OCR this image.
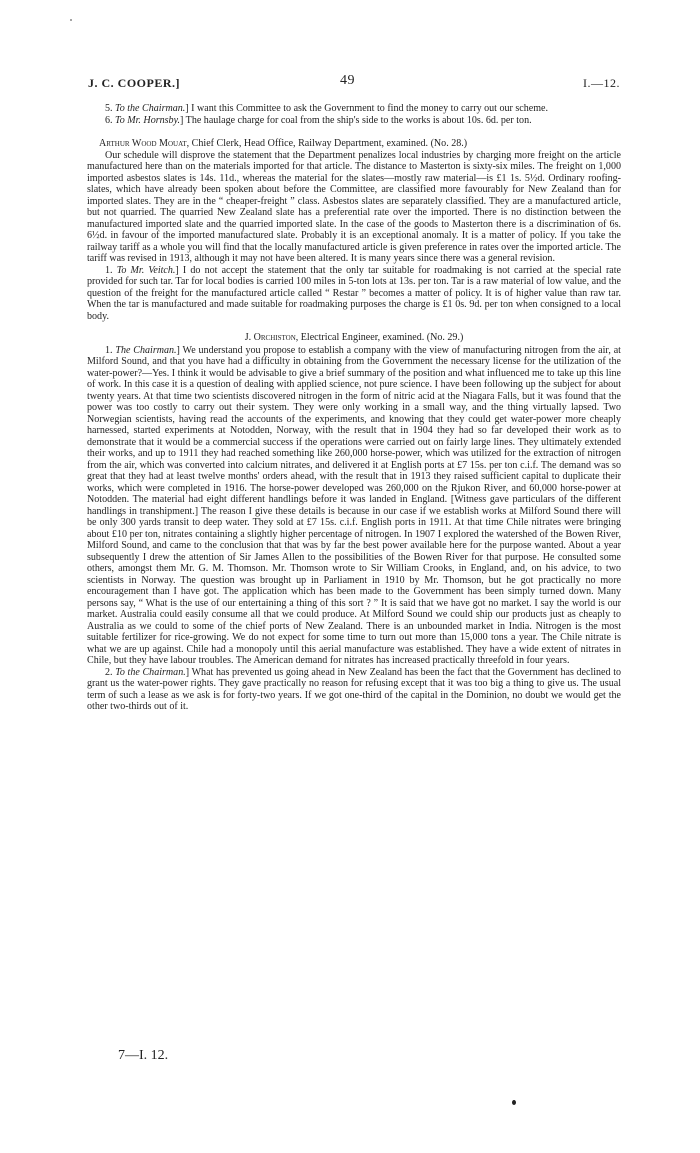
J. C. COOPER.]	49	I.—12.

5. To the Chairman.] I want this Committee to ask the Government to find the money to carry out our scheme.

6. To Mr. Hornsby.] The haulage charge for coal from the ship's side to the works is about 10s. 6d. per ton.

Arthur Wood Mouat, Chief Clerk, Head Office, Railway Department, examined. (No. 28.)

Our schedule will disprove the statement that the Department penalizes local industries by charging more freight on the article manufactured here than on the materials imported for that article. The distance to Masterton is sixty-six miles. The freight on 1,000 imported asbestos slates is 14s. 11d., whereas the material for the slates—mostly raw material—is £1 1s. 5½d. Ordinary roofing-slates, which have already been spoken about before the Committee, are classified more favourably for New Zealand than for imported slates. They are in the “ cheaper-freight ” class. Asbestos slates are separately classified. They are a manufactured article, but not quarried. The quarried New Zealand slate has a preferential rate over the imported. There is no distinction between the manufactured imported slate and the quarried imported slate. In the case of the goods to Masterton there is a discrimination of 6s. 6½d. in favour of the imported manufactured slate. Probably it is an exceptional anomaly. It is a matter of policy. If you take the railway tariff as a whole you will find that the locally manufactured article is given preference in rates over the imported article. The tariff was revised in 1913, although it may not have been altered. It is many years since there was a general revision.

1. To Mr. Veitch.] I do not accept the statement that the only tar suitable for roadmaking is not carried at the special rate provided for such tar. Tar for local bodies is carried 100 miles in 5-ton lots at 13s. per ton. Tar is a raw material of low value, and the question of the freight for the manufactured article called “ Restar ” becomes a matter of policy. It is of higher value than raw tar. When the tar is manufactured and made suitable for roadmaking purposes the charge is £1 0s. 9d. per ton when consigned to a local body.

J. Orchiston, Electrical Engineer, examined. (No. 29.)

1. The Chairman.] We understand you propose to establish a company with the view of manufacturing nitrogen from the air, at Milford Sound, and that you have had a difficulty in obtaining from the Government the necessary license for the utilization of the water-power?—Yes. I think it would be advisable to give a brief summary of the position and what influenced me to take up this line of work. In this case it is a question of dealing with applied science, not pure science. I have been following up the subject for about twenty years. At that time two scientists discovered nitrogen in the form of nitric acid at the Niagara Falls, but it was found that the power was too costly to carry out their system. They were only working in a small way, and the thing virtually lapsed. Two Norwegian scientists, having read the accounts of the experiments, and knowing that they could get water-power more cheaply harnessed, started experiments at Notodden, Norway, with the result that in 1904 they had so far developed their work as to demonstrate that it would be a commercial success if the operations were carried out on fairly large lines. They ultimately extended their works, and up to 1911 they had reached something like 260,000 horse-power, which was utilized for the extraction of nitrogen from the air, which was converted into calcium nitrates, and delivered it at English ports at £7 15s. per ton c.i.f. The demand was so great that they had at least twelve months' orders ahead, with the result that in 1913 they raised sufficient capital to duplicate their works, which were completed in 1916. The horse-power developed was 260,000 on the Rjukon River, and 60,000 horse-power at Notodden. The material had eight different handlings before it was landed in England. [Witness gave particulars of the different handlings in transhipment.] The reason I give these details is because in our case if we establish works at Milford Sound there will be only 300 yards transit to deep water. They sold at £7 15s. c.i.f. English ports in 1911. At that time Chile nitrates were bringing about £10 per ton, nitrates containing a slightly higher percentage of nitrogen. In 1907 I explored the watershed of the Bowen River, Milford Sound, and came to the conclusion that that was by far the best power available here for the purpose wanted. About a year subsequently I drew the attention of Sir James Allen to the possibilities of the Bowen River for that purpose. He consulted some others, amongst them Mr. G. M. Thomson. Mr. Thomson wrote to Sir William Crooks, in England, and, on his advice, to two scientists in Norway. The question was brought up in Parliament in 1910 by Mr. Thomson, but he got practically no more encouragement than I have got. The application which has been made to the Government has been simply turned down. Many persons say, “ What is the use of our entertaining a thing of this sort ? ” It is said that we have got no market. I say the world is our market. Australia could easily consume all that we could produce. At Milford Sound we could ship our products just as cheaply to Australia as we could to some of the chief ports of New Zealand. There is an unbounded market in India. Nitrogen is the most suitable fertilizer for rice-growing. We do not expect for some time to turn out more than 15,000 tons a year. The Chile nitrate is what we are up against. Chile had a monopoly until this aerial manufacture was established. They have a wide extent of nitrates in Chile, but they have labour troubles. The American demand for nitrates has increased practically threefold in four years.

2. To the Chairman.] What has prevented us going ahead in New Zealand has been the fact that the Government has declined to grant us the water-power rights. They gave practically no reason for refusing except that it was too big a thing to give us. The usual term of such a lease as we ask is for forty-two years. If we got one-third of the capital in the Dominion, no doubt we would get the other two-thirds out of it.

7—I. 12.
